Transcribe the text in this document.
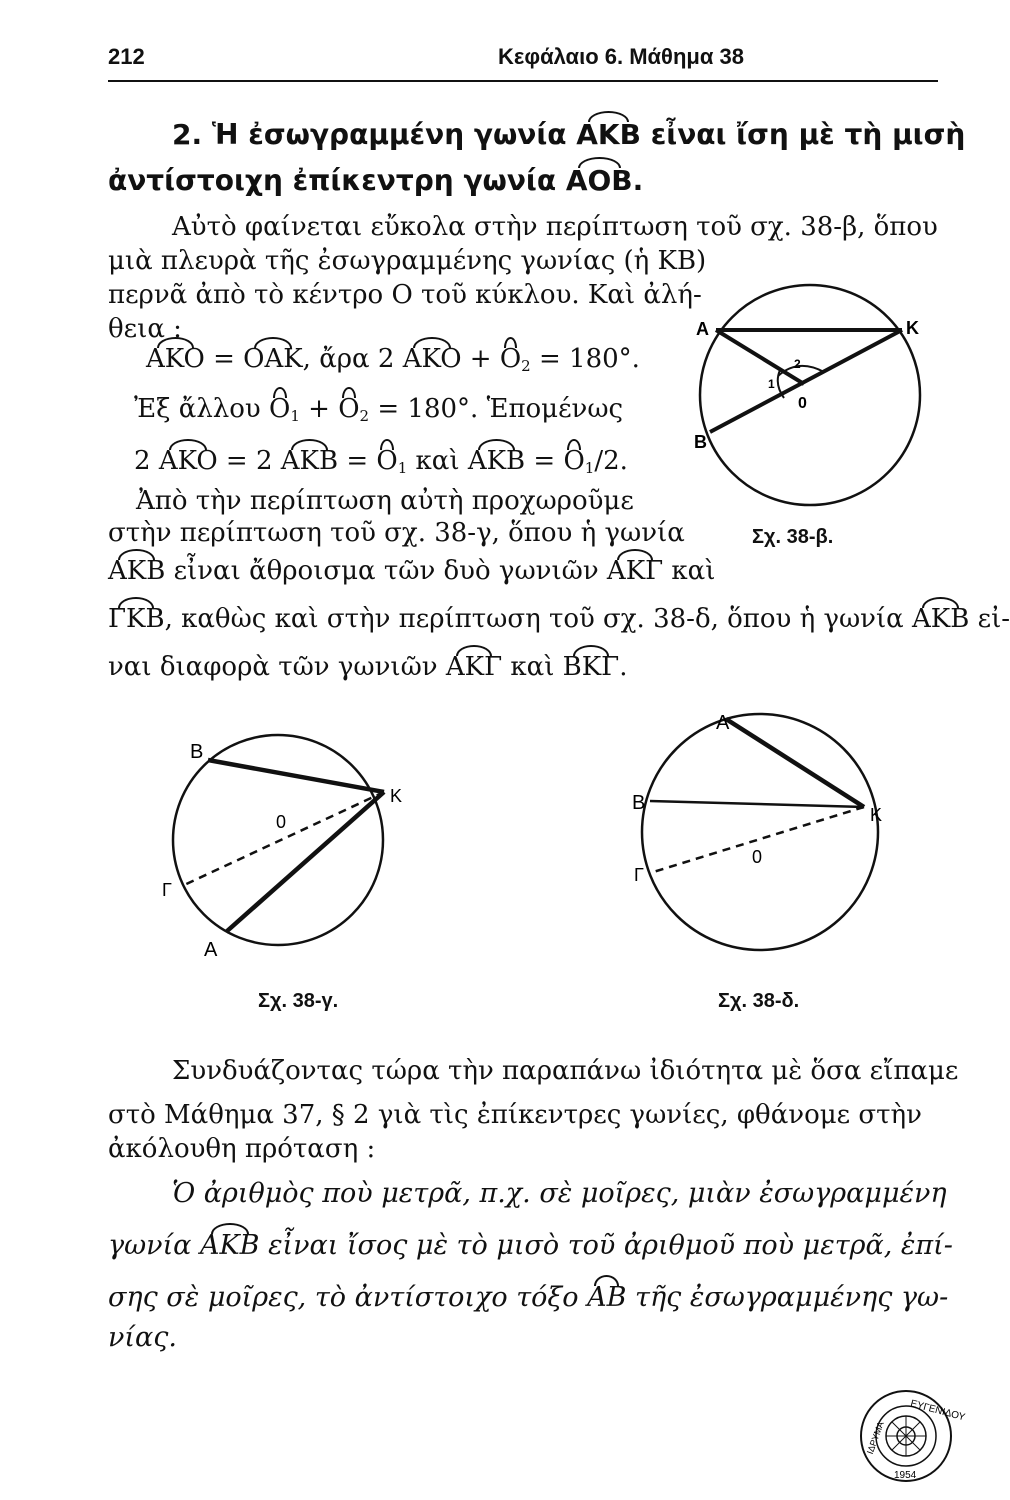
212	Κεφάλαιο 6. Μάθημα 38
2. Ἡ ἐσωγραμμένη γωνία AKB εἶναι ἴση μὲ τὴ μισὴ
ἀντίστοιχη ἐπίκεντρη γωνία AOB.
Αὐτὸ φαίνεται εὔκολα στὴν περίπτωση τοῦ σχ. 38-β, ὅπου
μιὰ πλευρὰ τῆς ἐσωγραμμένης γωνίας (ἡ KB)
περνᾶ ἀπὸ τὸ κέντρο O τοῦ κύκλου. Καὶ ἀλή-
θεια :
AKO = OAK, ἄρα 2 AKO + $O_2 = 180^\circ$.
Ἐξ ἄλλου $O_1 + O_2 = 180^\circ$. Ἑπομένως
2 AKO = 2 AKB = $O_1$ καὶ AKB = $O_1/2$.
Ἀπὸ τὴν περίπτωση αὐτὴ προχωροῦμε
στὴν περίπτωση τοῦ σχ. 38-γ, ὅπου ἡ γωνία
AKB εἶναι ἄθροισμα τῶν δυὸ γωνιῶν AKΓ καὶ
ΓKB, καθὼς καὶ στὴν περίπτωση τοῦ σχ. 38-δ, ὅπου ἡ γωνία AKB εἰ-
ναι διαφορὰ τῶν γωνιῶν AKΓ καὶ BKΓ.
A	K
B
0
1
2
Σχ. 38-β.
B
K
0
Γ
A
Σχ. 38-γ.
A
B
K
Γ
0
Σχ. 38-δ.
Συνδυάζοντας τώρα τὴν παραπάνω ἰδιότητα μὲ ὅσα εἴπαμε
στὸ Μάθημα 37, § 2 γιὰ τὶς ἐπίκεντρες γωνίες, φθάνομε στὴν
ἀκόλουθη πρόταση :
Ὁ ἀριθμὸς ποὺ μετρᾶ, π.χ. σὲ μοῖρες, μιὰν ἐσωγραμμένη
γωνία AKB εἶναι ἴσος μὲ τὸ μισὸ τοῦ ἀριθμοῦ ποὺ μετρᾶ, ἐπί-
σης σὲ μοῖρες, τὸ ἀντίστοιχο τόξο AB τῆς ἐσωγραμμένης γω-
νίας.
ΕΥΓΕΝΙΔΟΥ
ΙΔΡΥΜΑ
1954
